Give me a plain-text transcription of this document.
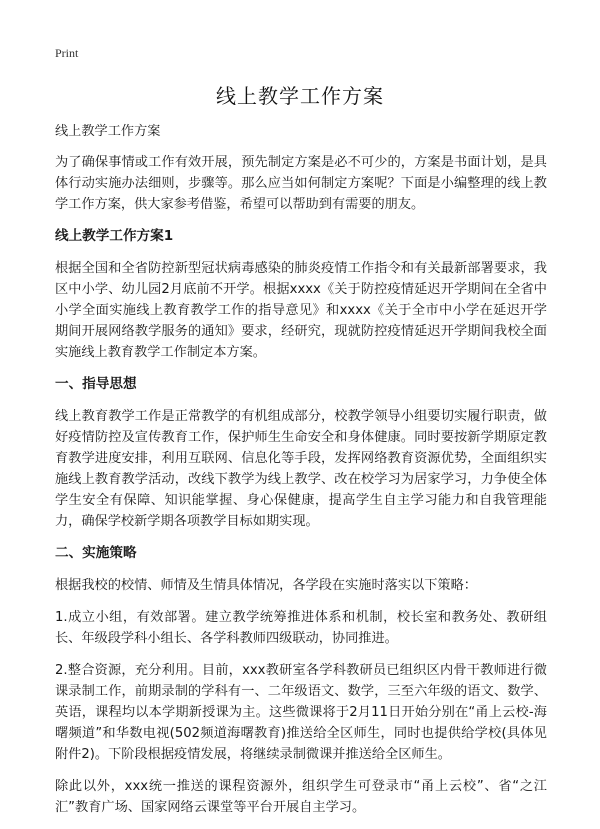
Print
线上教学工作方案

线上教学工作方案

为了确保事情或工作有效开展，预先制定方案是必不可少的，方案是书面计划，是具体行动实施办法细则，步骤等。那么应当如何制定方案呢？下面是小编整理的线上教学工作方案，供大家参考借鉴，希望可以帮助到有需要的朋友。

线上教学工作方案1

根据全国和全省防控新型冠状病毒感染的肺炎疫情工作指令和有关最新部署要求，我区中小学、幼儿园2月底前不开学。根据xxxx《关于防控疫情延迟开学期间在全省中小学全面实施线上教育教学工作的指导意见》和xxxx《关于全市中小学在延迟开学期间开展网络教学服务的通知》要求，经研究，现就防控疫情延迟开学期间我校全面实施线上教育教学工作制定本方案。

一、指导思想

线上教育教学工作是正常教学的有机组成部分，校教学领导小组要切实履行职责，做好疫情防控及宣传教育工作，保护师生生命安全和身体健康。同时要按新学期原定教育教学进度安排，利用互联网、信息化等手段，发挥网络教育资源优势，全面组织实施线上教育教学活动，改线下教学为线上教学、改在校学习为居家学习，力争使全体学生安全有保障、知识能掌握、身心保健康，提高学生自主学习能力和自我管理能力，确保学校新学期各项教学目标如期实现。

二、实施策略

根据我校的校情、师情及生情具体情况，各学段在实施时落实以下策略：

1.成立小组，有效部署。建立教学统筹推进体系和机制，校长室和教务处、教研组长、年级段学科小组长、各学科教师四级联动，协同推进。

2.整合资源，充分利用。目前，xxx教研室各学科教研员已组织区内骨干教师进行微课录制工作，前期录制的学科有一、二年级语文、数学，三至六年级的语文、数学、英语，课程均以本学期新授课为主。这些微课将于2月11日开始分别在“甬上云校-海曙频道”和华数电视(502频道海曙教育)推送给全区师生，同时也提供给学校(具体见附件2)。下阶段根据疫情发展，将继续录制微课并推送给全区师生。

除此以外，xxx统一推送的课程资源外，组织学生可登录市“甬上云校”、省“之江汇”教育广场、国家网络云课堂等平台开展自主学习。
